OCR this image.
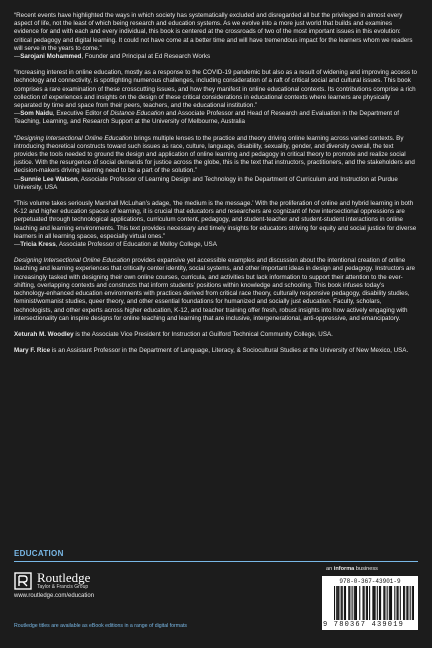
“Recent events have highlighted the ways in which society has systematically excluded and disregarded all but the privileged in almost every aspect of life, not the least of which being research and education systems. As we evolve into a more just world that builds and examines evidence for and with each and every individual, this book is centered at the crossroads of two of the most important issues in this evolution: critical pedagogy and digital learning. It could not have come at a better time and will have tremendous impact for the learners whom we readers will serve in the years to come.”
—Sarojani Mohammed, Founder and Principal at Ed Research Works

“Increasing interest in online education, mostly as a response to the COVID-19 pandemic but also as a result of widening and improving access to technology and connectivity, is spotlighting numerous challenges, including consideration of a raft of critical social and cultural issues. This book comprises a rare examination of these crosscutting issues, and how they manifest in online educational contexts. Its contributions comprise a rich collection of experiences and insights on the design of these critical considerations in educational contexts where learners are physically separated by time and space from their peers, teachers, and the educational institution.”
—Som Naidu, Executive Editor of Distance Education and Associate Professor and Head of Research and Evaluation in the Department of Teaching, Learning, and Research Support at the University of Melbourne, Australia

“Designing Intersectional Online Education brings multiple lenses to the practice and theory driving online learning across varied contexts. By introducing theoretical constructs toward such issues as race, culture, language, disability, sexuality, gender, and diversity overall, the text provides the tools needed to ground the design and application of online learning and pedagogy in critical theory to promote and realize social justice. With the resurgence of social demands for justice across the globe, this is the text that instructors, practitioners, and the stakeholders and decision-makers driving learning need to be a part of the solution.”
—Sunnie Lee Watson, Associate Professor of Learning Design and Technology in the Department of Curriculum and Instruction at Purdue University, USA

“This volume takes seriously Marshall McLuhan’s adage, ‘the medium is the message.’ With the proliferation of online and hybrid learning in both K-12 and higher education spaces of learning, it is crucial that educators and researchers are cognizant of how intersectional oppressions are perpetuated through technological applications, curriculum content, pedagogy, and student-teacher and student-student interactions in online teaching and learning environments. This text provides necessary and timely insights for educators striving for equity and social justice for diverse learners in all learning spaces, especially virtual ones.”
—Tricia Kress, Associate Professor of Education at Molloy College, USA

Designing Intersectional Online Education provides expansive yet accessible examples and discussion about the intentional creation of online teaching and learning experiences that critically center identity, social systems, and other important ideas in design and pedagogy. Instructors are increasingly tasked with designing their own online courses, curricula, and activities but lack information to support their attention to the ever-shifting, overlapping contexts and constructs that inform students’ positions within knowledge and schooling. This book infuses today’s technology-enhanced education environments with practices derived from critical race theory, culturally responsive pedagogy, disability studies, feminist/womanist studies, queer theory, and other essential foundations for humanized and socially just education. Faculty, scholars, technologists, and other experts across higher education, K-12, and teacher training offer fresh, robust insights into how actively engaging with intersectionality can inspire designs for online teaching and learning that are inclusive, intergenerational, anti-oppressive, and emancipatory.

Xeturah M. Woodley is the Associate Vice President for Instruction at Guilford Technical Community College, USA.

Mary F. Rice is an Assistant Professor in the Department of Language, Literacy, & Sociocultural Studies at the University of New Mexico, USA.

EDUCATION
Routledge
Taylor & Francis Group
www.routledge.com/education
an informa business
978-0-367-43901-9
9 780367 439019
Routledge titles are available as eBook editions in a range of digital formats
